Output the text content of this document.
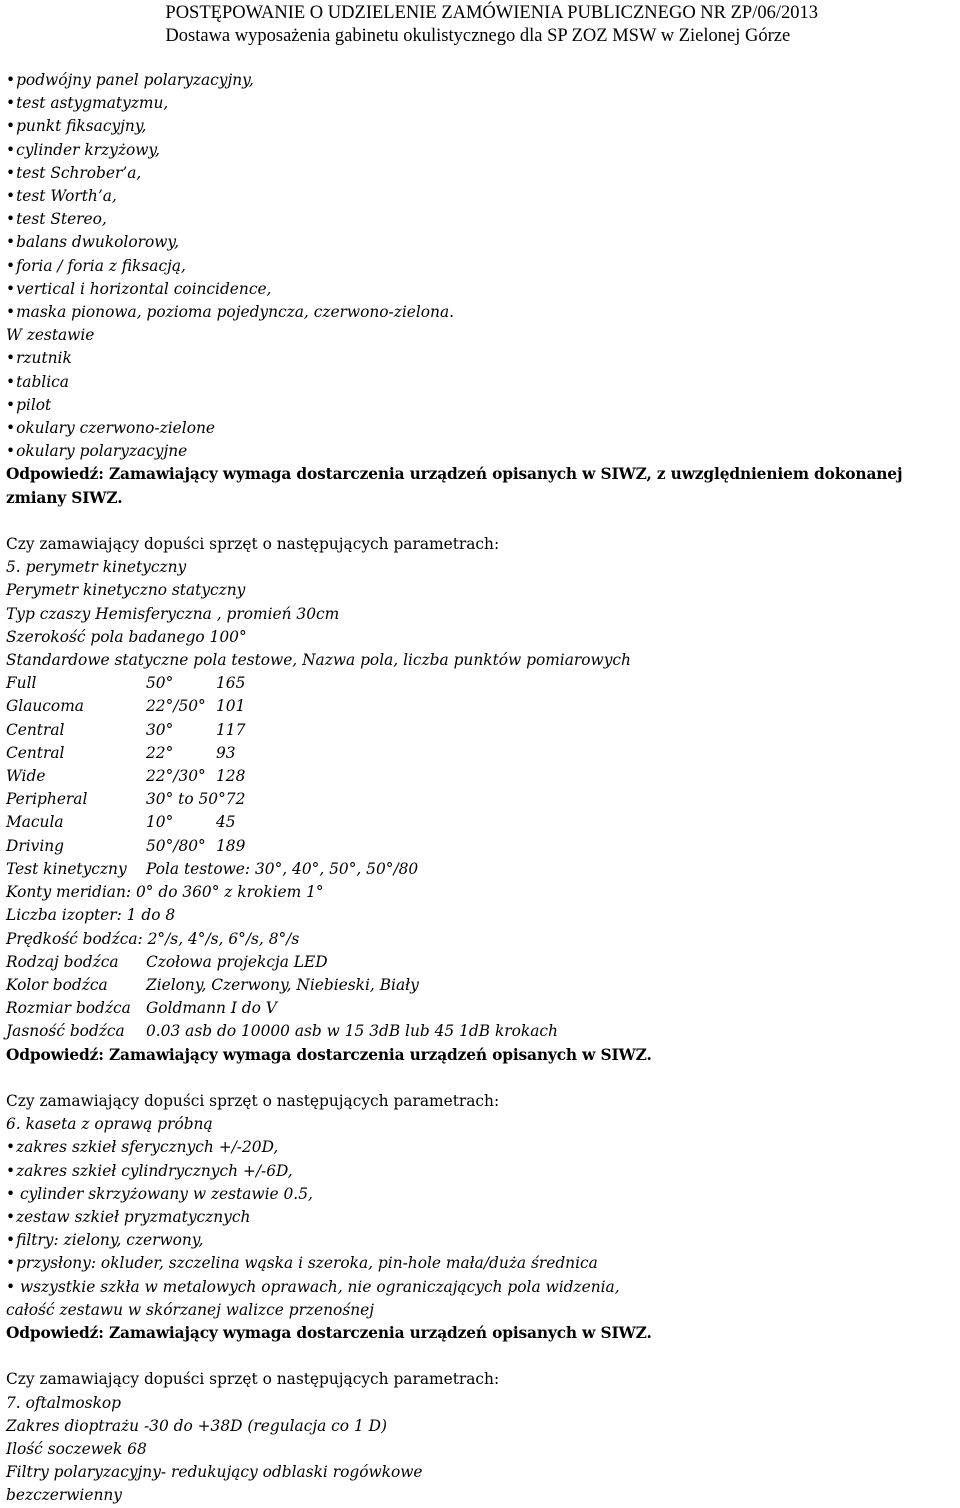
POSTĘPOWANIE O UDZIELENIE ZAMÓWIENIA PUBLICZNEGO NR ZP/06/2013
Dostawa wyposażenia gabinetu okulistycznego dla SP ZOZ MSW w Zielonej Górze
• podwójny panel polaryzacyjny,
• test astygmatyzmu,
• punkt fiksacyjny,
• cylinder krzyżowy,
• test Schrober’a,
• test Worth’a,
• test Stereo,
• balans dwukolorowy,
• foria / foria z fiksacją,
• vertical i horizontal coincidence,
• maska pionowa, pozioma pojedyncza, czerwono-zielona.
W zestawie
• rzutnik
• tablica
• pilot
• okulary czerwono-zielone
• okulary polaryzacyjne
Odpowiedź: Zamawiający wymaga dostarczenia urządzeń opisanych w SIWZ, z uwzględnieniem dokonanej zmiany SIWZ.
Czy zamawiający dopuści sprzęt o następujących parametrach:
5. perymetr kinetyczny
Perymetr kinetyczno statyczny
Typ czaszy Hemisferyczna , promień 30cm
Szerokość pola badanego 100°
Standardowe statyczne pola testowe, Nazwa pola, liczba punktów pomiarowych
Full	50°	165
Glaucoma	22°/50° 101
Central	30°	117
Central	22°	93
Wide	22°/30° 128
Peripheral	30° to 50° 72
Macula	10°	45
Driving	50°/80° 189
Test kinetyczny	Pola testowe: 30°, 40°, 50°, 50°/80
Konty meridian: 0° do 360° z krokiem 1°
Liczba izopter: 1 do 8
Prędkość bodźca: 2°/s, 4°/s, 6°/s, 8°/s
Rodzaj bodźca	Czołowa projekcja LED
Kolor bodźca	Zielony, Czerwony, Niebieski, Biały
Rozmiar bodźca Goldmann I do V
Jasność bodźca	0.03 asb do 10000 asb w 15 3dB lub 45 1dB krokach
Odpowiedź: Zamawiający wymaga dostarczenia urządzeń opisanych w SIWZ.
Czy zamawiający dopuści sprzęt o następujących parametrach:
6. kaseta z oprawą próbną
• zakres szkieł sferycznych +/-20D,
• zakres szkieł cylindrycznych +/-6D,
• cylinder skrzyżowany w zestawie 0.5,
• zestaw szkieł pryzmatycznych
• filtry: zielony, czerwony,
• przysłony: okluder, szczelina wąska i szeroka, pin-hole mała/duża średnica
• wszystkie szkła w metalowych oprawach, nie ograniczających pola widzenia,
całość zestawu w skórzanej walizce przenośnej
Odpowiedź: Zamawiający wymaga dostarczenia urządzeń opisanych w SIWZ.
Czy zamawiający dopuści sprzęt o następujących parametrach:
7. oftalmoskop
Zakres dioptrażu -30 do +38D (regulacja co 1 D)
Ilość soczewek 68
Filtry polaryzacyjny- redukujący odblaski rogówkowe
bezczerwienny
